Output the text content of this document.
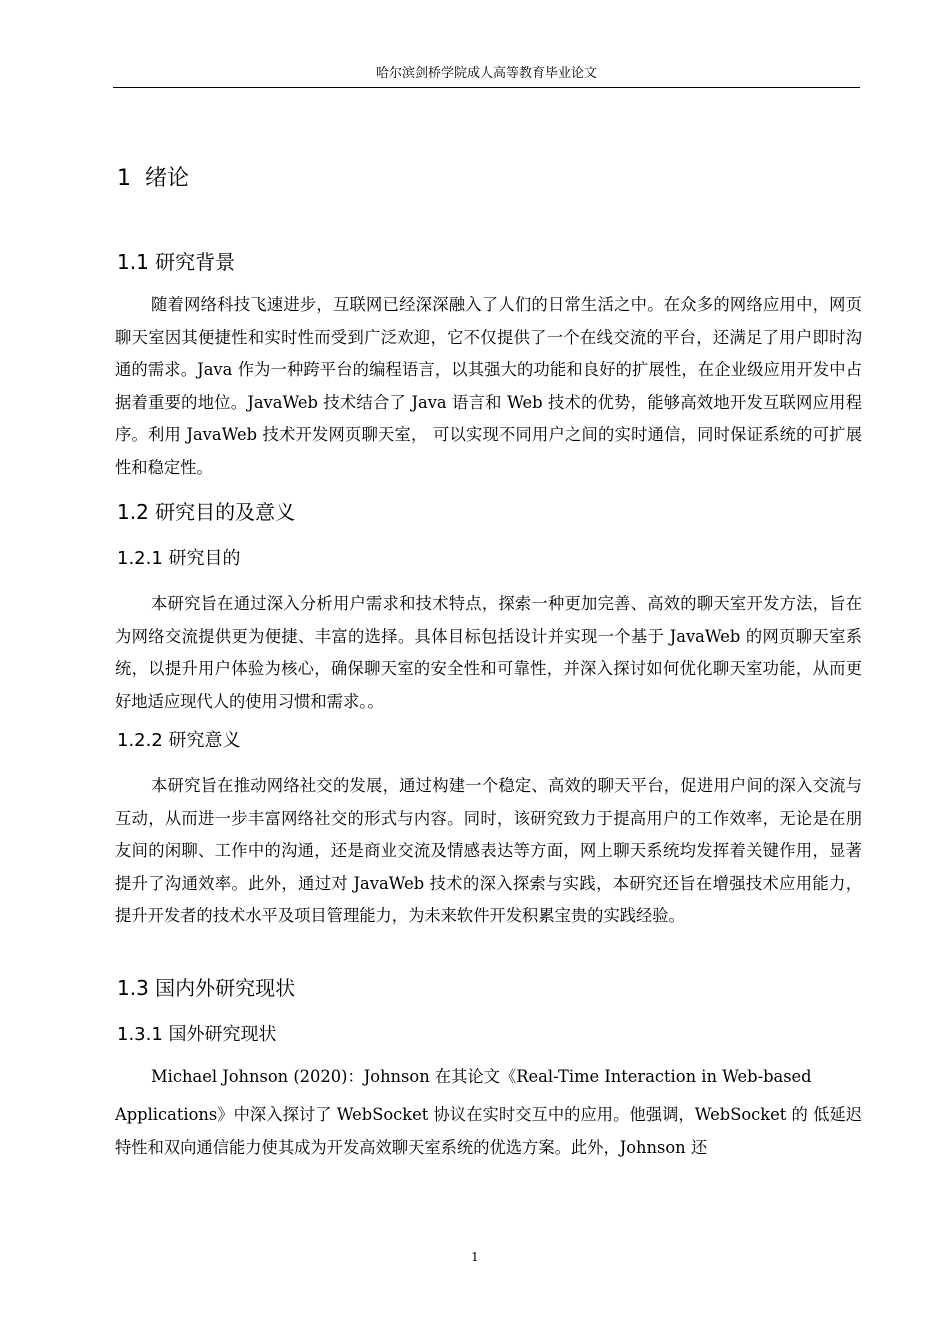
哈尔滨剑桥学院成人高等教育毕业论文
1 绪论
1.1 研究背景

随着网络科技飞速进步，互联网已经深深融入了人们的日常生活之中。在众多的网络应用中，网页聊天室因其便捷性和实时性而受到广泛欢迎，它不仅提供了一个在线交流的平台，还满足了用户即时沟通的需求。Java 作为一种跨平台的编程语言，以其强大的功能和良好的扩展性，在企业级应用开发中占据着重要的地位。JavaWeb 技术结合了 Java 语言和 Web 技术的优势，能够高效地开发互联网应用程序。利用 JavaWeb 技术开发网页聊天室， 可以实现不同用户之间的实时通信，同时保证系统的可扩展性和稳定性。

1.2 研究目的及意义
1.2.1 研究目的

本研究旨在通过深入分析用户需求和技术特点，探索一种更加完善、高效的聊天室开发方法，旨在为网络交流提供更为便捷、丰富的选择。具体目标包括设计并实现一个基于 JavaWeb 的网页聊天室系统，以提升用户体验为核心，确保聊天室的安全性和可靠性，并深入探讨如何优化聊天室功能，从而更好地适应现代人的使用习惯和需求。。

1.2.2 研究意义

本研究旨在推动网络社交的发展，通过构建一个稳定、高效的聊天平台，促进用户间的深入交流与互动，从而进一步丰富网络社交的形式与内容。同时，该研究致力于提高用户的工作效率，无论是在朋友间的闲聊、工作中的沟通，还是商业交流及情感表达等方面，网上聊天系统均发挥着关键作用，显著提升了沟通效率。此外，通过对 JavaWeb 技术的深入探索与实践，本研究还旨在增强技术应用能力，提升开发者的技术水平及项目管理能力，为未来软件开发积累宝贵的实践经验。

1.3 国内外研究现状
1.3.1 国外研究现状

Michael Johnson (2020)：Johnson 在其论文《Real-Time Interaction in Web-based

Applications》中深入探讨了 WebSocket 协议在实时交互中的应用。他强调，WebSocket 的 低延迟特性和双向通信能力使其成为开发高效聊天室系统的优选方案。此外，Johnson 还

1
